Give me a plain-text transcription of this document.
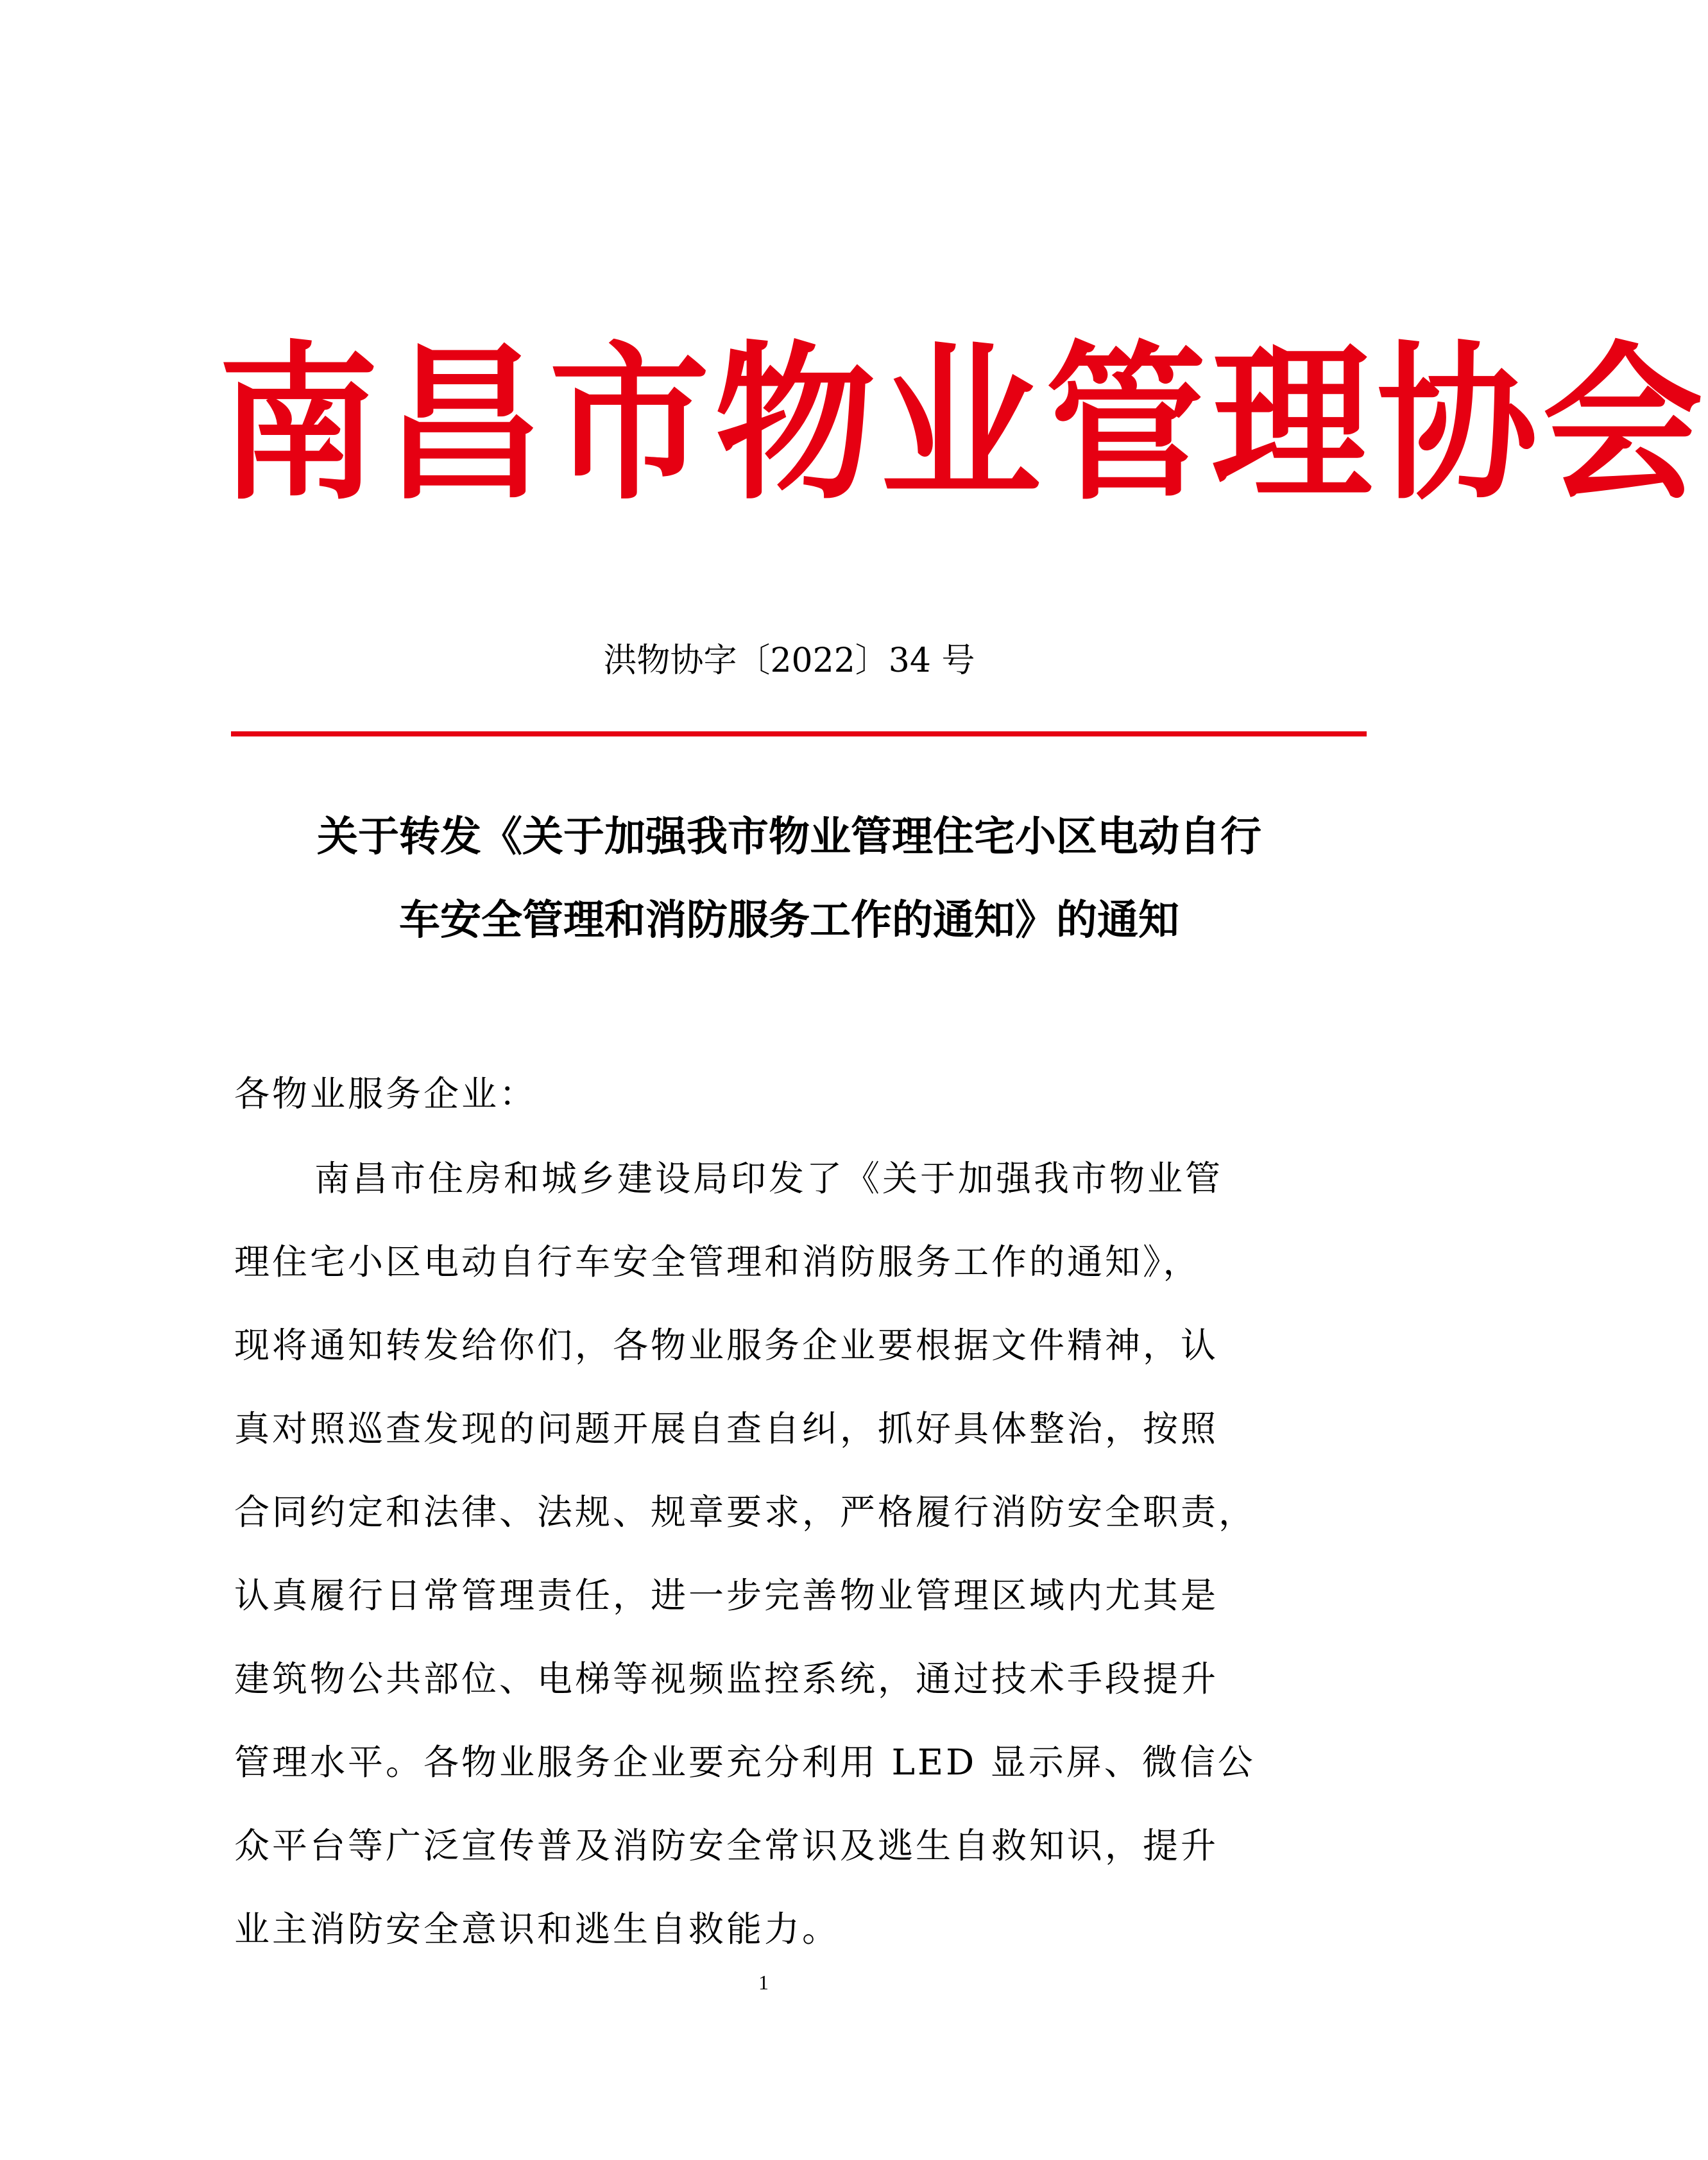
南昌市物业管理协会
洪物协字〔2022〕34 号
关于转发《关于加强我市物业管理住宅小区电动自行
车安全管理和消防服务工作的通知》的通知
各物业服务企业：
南昌市住房和城乡建设局印发了《关于加强我市物业管
理住宅小区电动自行车安全管理和消防服务工作的通知》，
现将通知转发给你们，各物业服务企业要根据文件精神，认
真对照巡查发现的问题开展自查自纠，抓好具体整治，按照
合同约定和法律、法规、规章要求，严格履行消防安全职责，
认真履行日常管理责任，进一步完善物业管理区域内尤其是
建筑物公共部位、电梯等视频监控系统，通过技术手段提升
管理水平。各物业服务企业要充分利用 LED 显示屏、微信公
众平台等广泛宣传普及消防安全常识及逃生自救知识，提升
业主消防安全意识和逃生自救能力。
1
